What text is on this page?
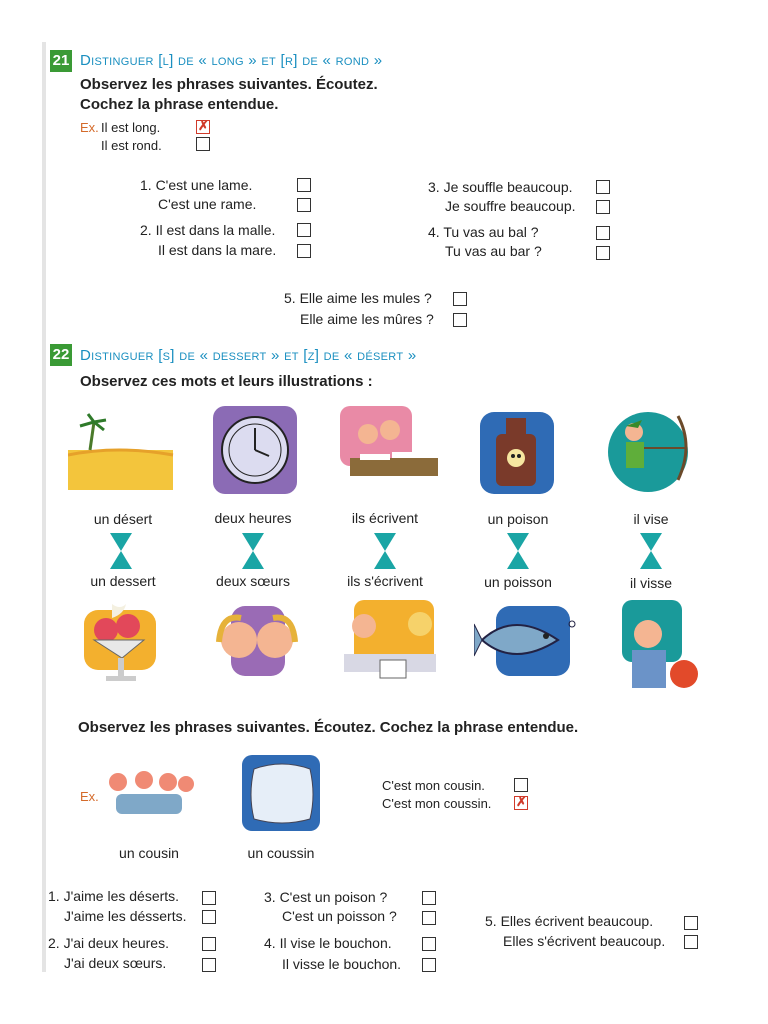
21 Distinguer [l] de « long » et [r] de « rond »
Observez les phrases suivantes. Écoutez.
Cochez la phrase entendue.
Ex. Il est long.
✗
Il est rond.
1. C'est une lame.
C'est une rame.
2. Il est dans la malle.
Il est dans la mare.
3. Je souffle beaucoup.
Je souffre beaucoup.
4. Tu vas au bal ?
Tu vas au bar ?
5. Elle aime les mules ?
Elle aime les mûres ?
22 Distinguer [s] de « dessert » et [z] de « désert »
Observez ces mots et leurs illustrations :
un désert	deux heures	ils écrivent	un poison	il vise
un dessert	deux sœurs	ils s'écrivent	un poisson	il visse
Observez les phrases suivantes. Écoutez. Cochez la phrase entendue.
Ex.
un cousin	un coussin
C'est mon cousin.
C'est mon coussin.
✗
1. J'aime les déserts.
J'aime les désserts.
2. J'ai deux heures.
J'ai deux sœurs.
3. C'est un poison ?
C'est un poisson ?
4. Il vise le bouchon.
Il visse le bouchon.
5. Elles écrivent beaucoup.
Elles s'écrivent beaucoup.
